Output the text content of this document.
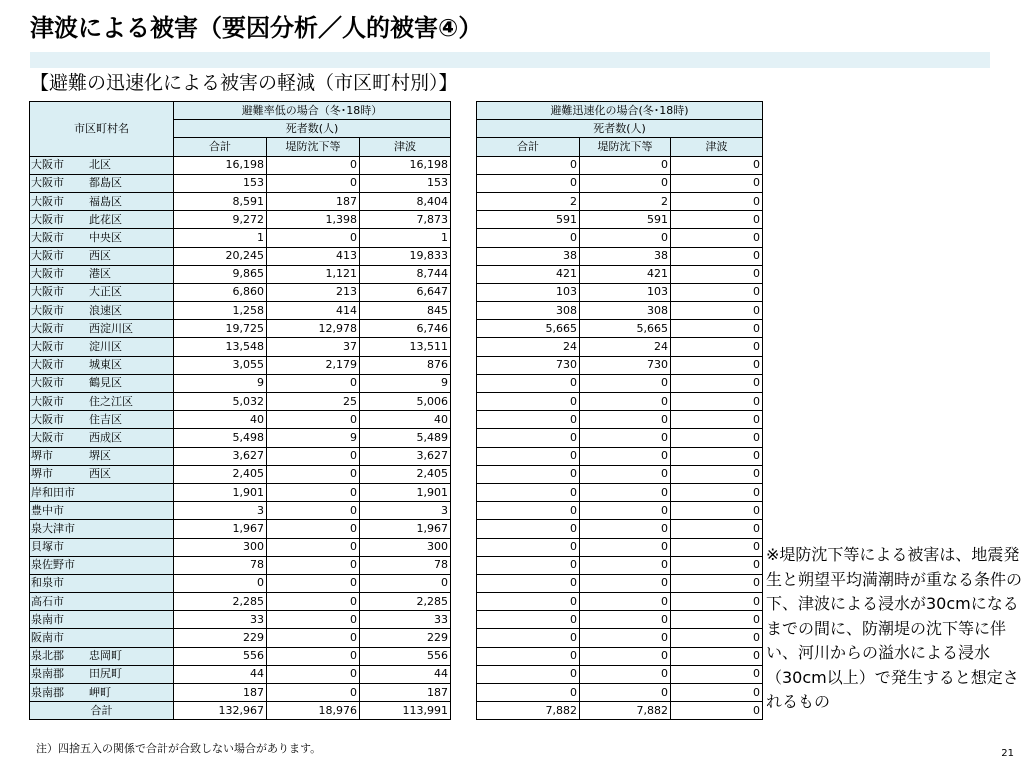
津波による被害（要因分析／人的被害④）
【避難の迅速化による被害の軽減（市区町村別）】
市区町村名	避難率低の場合（冬･18時）		
	死者数(人)		
	合計	堤防沈下等	津波
大阪市 北区	16,198	0	16,198
大阪市 都島区	153	0	153
大阪市 福島区	8,591	187	8,404
大阪市 此花区	9,272	1,398	7,873
大阪市 中央区	1	0	1
大阪市 西区	20,245	413	19,833
大阪市 港区	9,865	1,121	8,744
大阪市 大正区	6,860	213	6,647
大阪市 浪速区	1,258	414	845
大阪市 西淀川区	19,725	12,978	6,746
大阪市 淀川区	13,548	37	13,511
大阪市 城東区	3,055	2,179	876
大阪市 鶴見区	9	0	9
大阪市 住之江区	5,032	25	5,006
大阪市 住吉区	40	0	40
大阪市 西成区	5,498	9	5,489
堺市 堺区	3,627	0	3,627
堺市 西区	2,405	0	2,405
岸和田市	1,901	0	1,901
豊中市	3	0	3
泉大津市	1,967	0	1,967
貝塚市	300	0	300
泉佐野市	78	0	78
和泉市	0	0	0
高石市	2,285	0	2,285
泉南市	33	0	33
阪南市	229	0	229
泉北郡 忠岡町	556	0	556
泉南郡 田尻町	44	0	44
泉南郡 岬町	187	0	187
合計	132,967	18,976	113,991
避難迅速化の場合(冬･18時)		
死者数(人)		
合計	堤防沈下等	津波
0	0	0
0	0	0
2	2	0
591	591	0
0	0	0
38	38	0
421	421	0
103	103	0
308	308	0
5,665	5,665	0
24	24	0
730	730	0
0	0	0
0	0	0
0	0	0
0	0	0
0	0	0
0	0	0
0	0	0
0	0	0
0	0	0
0	0	0
0	0	0
0	0	0
0	0	0
0	0	0
0	0	0
0	0	0
0	0	0
0	0	0
7,882	7,882	0
※堤防沈下等による被害は、地震発生と朔望平均満潮時が重なる条件の下、津波による浸水が30cmになるまでの間に、防潮堤の沈下等に伴い、河川からの溢水による浸水（30cm以上）で発生すると想定されるもの
注）四捨五入の関係で合計が合致しない場合があります。	21
